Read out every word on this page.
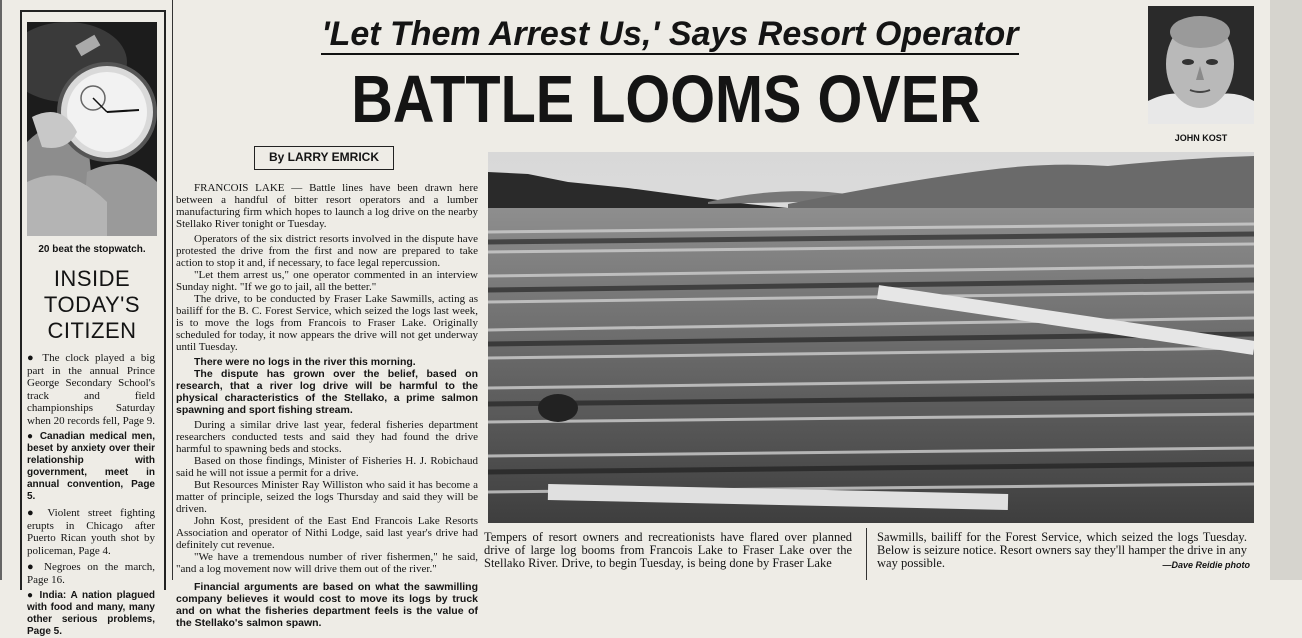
20 beat the stopwatch.
INSIDE
TODAY'S
CITIZEN
● The clock played a big part in the annual Prince George Secondary School's track and field championships Saturday when 20 records fell, Page 9.
● Canadian medical men, beset by anxiety over their relationship with government, meet in annual convention, Page 5.
● Violent street fighting erupts in Chicago after Puerto Rican youth shot by policeman, Page 4.
● Negroes on the march, Page 16.
● India: A nation plagued with food and many, many other serious problems, Page 5.
'Let Them Arrest Us,' Says Resort Operator
BATTLE LOOMS OVER
JOHN KOST
By LARRY EMRICK

FRANCOIS LAKE — Battle lines have been drawn here between a handful of bitter resort operators and a lumber manufacturing firm which hopes to launch a log drive on the nearby Stellako River tonight or Tuesday.

Operators of the six district resorts involved in the dispute have protested the drive from the first and now are prepared to take action to stop it and, if necessary, to face legal repercussion.

"Let them arrest us," one operator commented in an interview Sunday night. "If we go to jail, all the better."

The drive, to be conducted by Fraser Lake Sawmills, acting as bailiff for the B. C. Forest Service, which seized the logs last week, is to move the logs from Francois to Fraser Lake. Originally scheduled for today, it now appears the drive will not get underway until Tuesday.

There were no logs in the river this morning.

The dispute has grown over the belief, based on research, that a river log drive will be harmful to the physical characteristics of the Stellako, a prime salmon spawning and sport fishing stream.

During a similar drive last year, federal fisheries department researchers conducted tests and said they had found the drive harmful to spawning beds and stocks.

Based on those findings, Minister of Fisheries H. J. Robichaud said he will not issue a permit for a drive.

But Resources Minister Ray Williston who said it has become a matter of principle, seized the logs Thursday and said they will be driven.

John Kost, president of the East End Francois Lake Resorts Association and operator of Nithi Lodge, said last year's drive had definitely cut revenue.

"We have a tremendous number of river fishermen," he said, "and a log movement now will drive them out of the river."

Financial arguments are based on what the sawmilling company believes it would cost to move its logs by truck and on what the fisheries department feels is the value of the Stellako's salmon spawn.

Tempers of resort owners and recreationists have flared over planned drive of large log booms from Francois Lake to Fraser Lake over the Stellako River. Drive, to begin Tuesday, is being done by Fraser Lake
Sawmills, bailiff for the Forest Service, which seized the logs Tuesday. Below is seizure notice. Resort owners say they'll hamper the drive in any way possible.	—Dave Reidie photo
